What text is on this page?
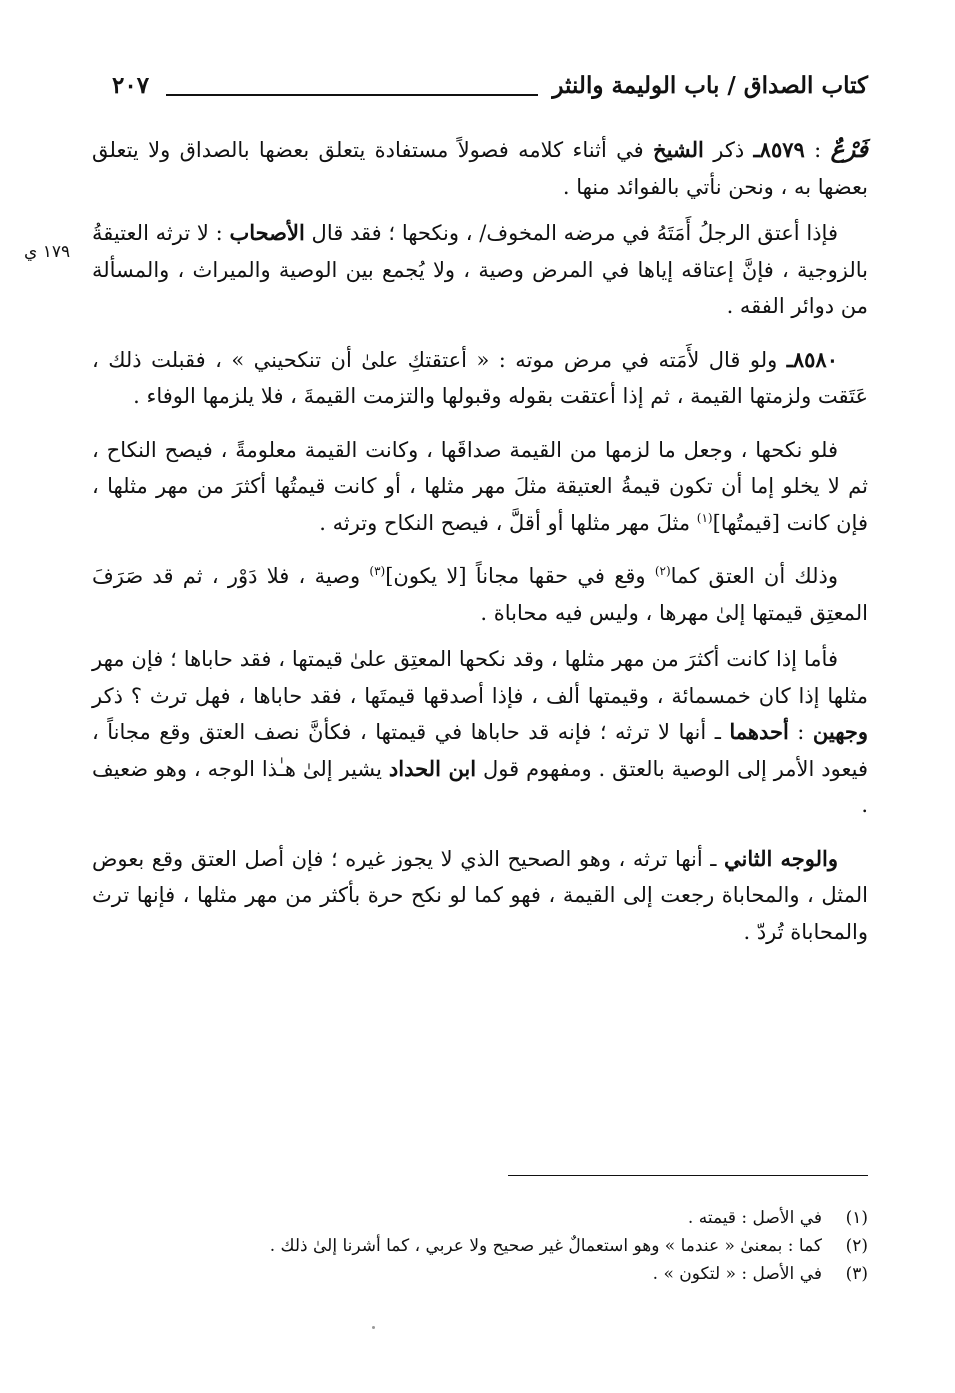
كتاب الصداق / باب الوليمة والنثر
٢٠٧
١٧٩ ي

فَرْعٌ : ٨٥٧٩ـ ذكر الشيخ في أثناء كلامه فصولاً مستفادة يتعلق بعضها بالصداق ولا يتعلق بعضها به ، ونحن نأتي بالفوائد منها .

فإذا أعتق الرجلُ أَمَتَهُ في مرضه المخوف/ ، ونكحها ؛ فقد قال الأصحاب : لا ترثه العتيقةُ بالزوجية ، فإنَّ إعتاقه إياها في المرض وصية ، ولا يُجمع بين الوصية والميراث ، والمسألة من دوائر الفقه .

٨٥٨٠ـ ولو قال لأَمَته في مرض موته : « أعتقتكِ علىٰ أن تنكحيني » ، فقبلت ذلك ، عَتَقت ولزمتها القيمة ، ثم إذا أعتقت بقوله وقبولها والتزمت القيمةَ ، فلا يلزمها الوفاء .

فلو نكحها ، وجعل ما لزمها من القيمة صداقَها ، وكانت القيمة معلومةً ، فيصح النكاح ، ثم لا يخلو إما أن تكون قيمةُ العتيقة مثلَ مهر مثلها ، أو كانت قيمتُها أكثرَ من مهر مثلها ، فإن كانت [قيمتُها]$^{(١)}$ مثلَ مهر مثلها أو أقلَّ ، فيصح النكاح وترثه .

وذلك أن العتق كما$^{(٢)}$ وقع في حقها مجاناً [لا يكون]$^{(٣)}$ وصية ، فلا دَوْر ، ثم قد صَرَفَ المعتِق قيمتها إلىٰ مهرها ، وليس فيه محاباة .

فأما إذا كانت أكثرَ من مهر مثلها ، وقد نكحها المعتِق علىٰ قيمتها ، فقد حاباها ؛ فإن مهر مثلها إذا كان خمسمائة ، وقيمتها ألف ، فإذا أصدقها قيمتَها ، فقد حاباها ، فهل ترث ؟ ذكر وجهين : أحدهما ـ أنها لا ترثه ؛ فإنه قد حاباها في قيمتها ، فكأنَّ نصف العتق وقع مجاناً ، فيعود الأمر إلى الوصية بالعتق . ومفهوم قول ابن الحداد يشير إلىٰ هـٰذا الوجه ، وهو ضعيف .

والوجه الثاني ـ أنها ترثه ، وهو الصحيح الذي لا يجوز غيره ؛ فإن أصل العتق وقع بعوض المثل ، والمحاباة رجعت إلى القيمة ، فهو كما لو نكح حرة بأكثر من مهر مثلها ، فإنها ترث والمحاباة تُردّ .

(١)
في الأصل : قيمته .
(٢)
كما : بمعنىٰ « عندما » وهو استعمالٌ غير صحيح ولا عربي ، كما أشرنا إلىٰ ذلك .
(٣)
في الأصل : « لتكون » .
